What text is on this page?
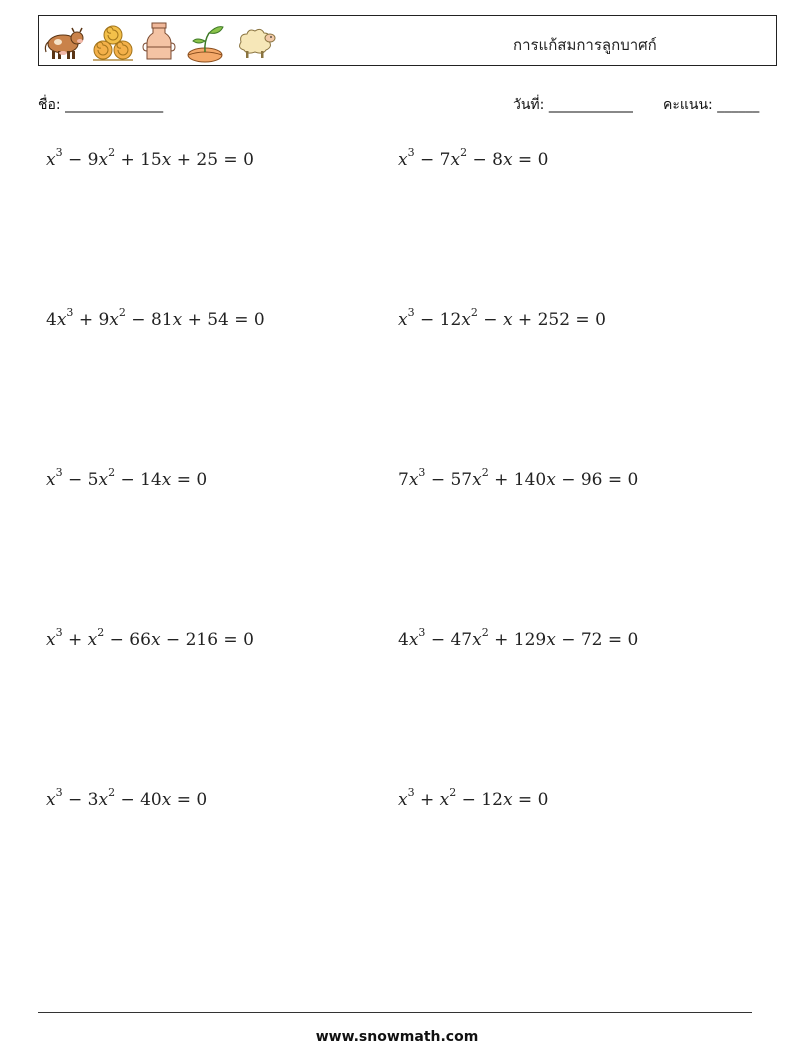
การแก้สมการลูกบาศก์
ชื่อ: ______________	วันที่: ____________ คะแนน: ______
$x^3 - 9x^2 + 15x + 25 = 0$	$x^3 - 7x^2 - 8x = 0$
$4x^3 + 9x^2 - 81x + 54 = 0$	$x^3 - 12x^2 - x + 252 = 0$
$x^3 - 5x^2 - 14x = 0$	$7x^3 - 57x^2 + 140x - 96 = 0$
$x^3 + x^2 - 66x - 216 = 0$	$4x^3 - 47x^2 + 129x - 72 = 0$
$x^3 - 3x^2 - 40x = 0$	$x^3 + x^2 - 12x = 0$
www.snowmath.com
